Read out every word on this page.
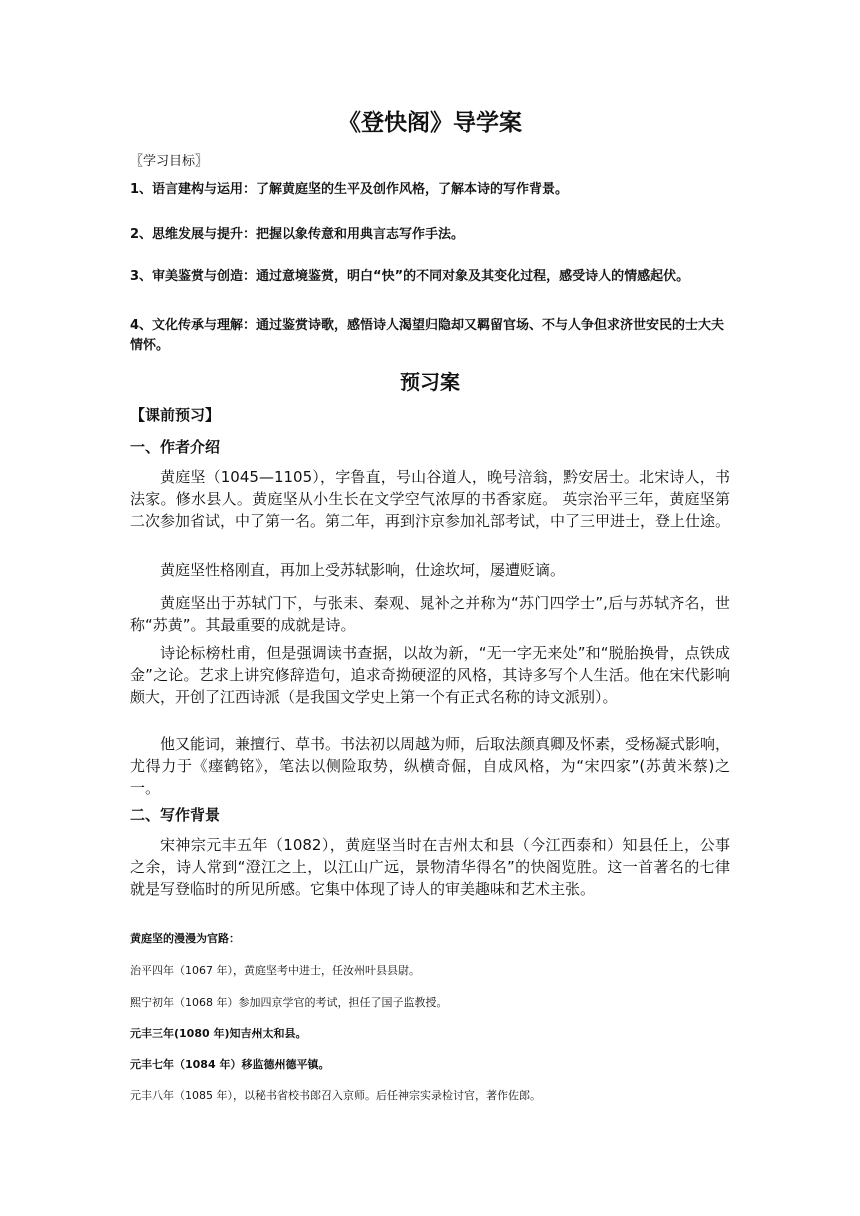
《登快阁》导学案
〖学习目标〗
1、语言建构与运用：了解黄庭坚的生平及创作风格，了解本诗的写作背景。
2、思维发展与提升：把握以象传意和用典言志写作手法。
3、审美鉴赏与创造：通过意境鉴赏，明白“快”的不同对象及其变化过程，感受诗人的情感起伏。
4、文化传承与理解：通过鉴赏诗歌，感悟诗人渴望归隐却又羁留官场、不与人争但求济世安民的士大夫情怀。
预习案
【课前预习】
一、作者介绍
黄庭坚（1045—1105），字鲁直，号山谷道人，晚号涪翁，黔安居士。北宋诗人，书法家。修水县人。黄庭坚从小生长在文学空气浓厚的书香家庭。 英宗治平三年，黄庭坚第二次参加省试，中了第一名。第二年，再到汴京参加礼部考试，中了三甲进士，登上仕途。
黄庭坚性格刚直，再加上受苏轼影响，仕途坎坷，屡遭贬谪。
黄庭坚出于苏轼门下，与张耒、秦观、晁补之并称为“苏门四学士”,后与苏轼齐名，世称“苏黄”。其最重要的成就是诗。
诗论标榜杜甫，但是强调读书查据，以故为新，“无一字无来处”和“脱胎换骨，点铁成金”之论。艺求上讲究修辞造句，追求奇拗硬涩的风格，其诗多写个人生活。他在宋代影响颇大，开创了江西诗派（是我国文学史上第一个有正式名称的诗文派别）。
他又能词，兼擅行、草书。书法初以周越为师，后取法颜真卿及怀素，受杨凝式影响，尤得力于《瘗鹤铭》，笔法以侧险取势，纵横奇倔，自成风格，为“宋四家”(苏黄米蔡)之一。
二、写作背景
宋神宗元丰五年（1082），黄庭坚当时在吉州太和县（今江西泰和）知县任上，公事之余，诗人常到“澄江之上，以江山广远，景物清华得名”的快阁览胜。这一首著名的七律就是写登临时的所见所感。它集中体现了诗人的审美趣味和艺术主张。
黄庭坚的漫漫为官路：
治平四年（1067 年），黄庭坚考中进士，任汝州叶县县尉。
熙宁初年（1068 年）参加四京学官的考试，担任了国子监教授。
元丰三年(1080 年)知吉州太和县。
元丰七年（1084 年）移监德州德平镇。
元丰八年（1085 年），以秘书省校书郎召入京师。后任神宗实录检讨官，著作佐郎。
